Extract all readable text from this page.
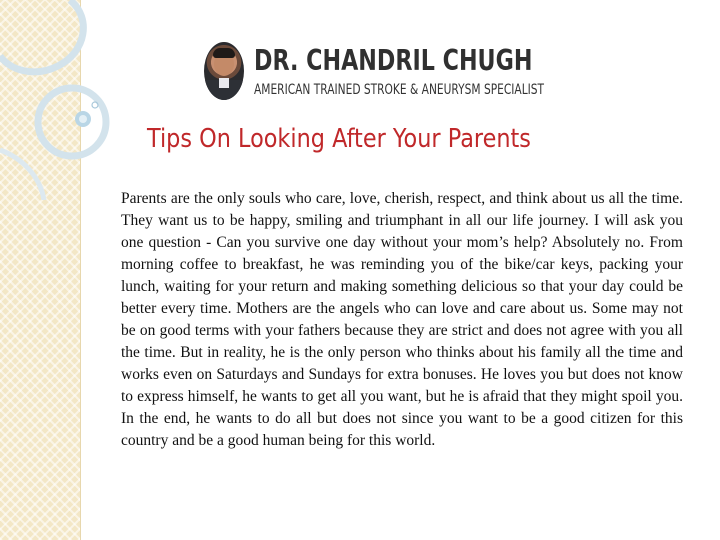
DR. CHANDRIL CHUGH
AMERICAN TRAINED STROKE & ANEURYSM SPECIALIST
Tips On Looking After Your Parents
Parents are the only souls who care, love, cherish, respect, and think about us all the time. They want us to be happy, smiling and triumphant in all our life journey. I will ask you one question - Can you survive one day without your mom’s help? Absolutely no. From morning coffee to breakfast, he was reminding you of the bike/car keys, packing your lunch, waiting for your return and making something delicious so that your day could be better every time. Mothers are the angels who can love and care about us. Some may not be on good terms with your fathers because they are strict and does not agree with you all the time. But in reality, he is the only person who thinks about his family all the time and works even on Saturdays and Sundays for extra bonuses. He loves you but does not know to express himself, he wants to get all you want, but he is afraid that they might spoil you. In the end, he wants to do all but does not since you want to be a good citizen for this country and be a good human being for this world.
